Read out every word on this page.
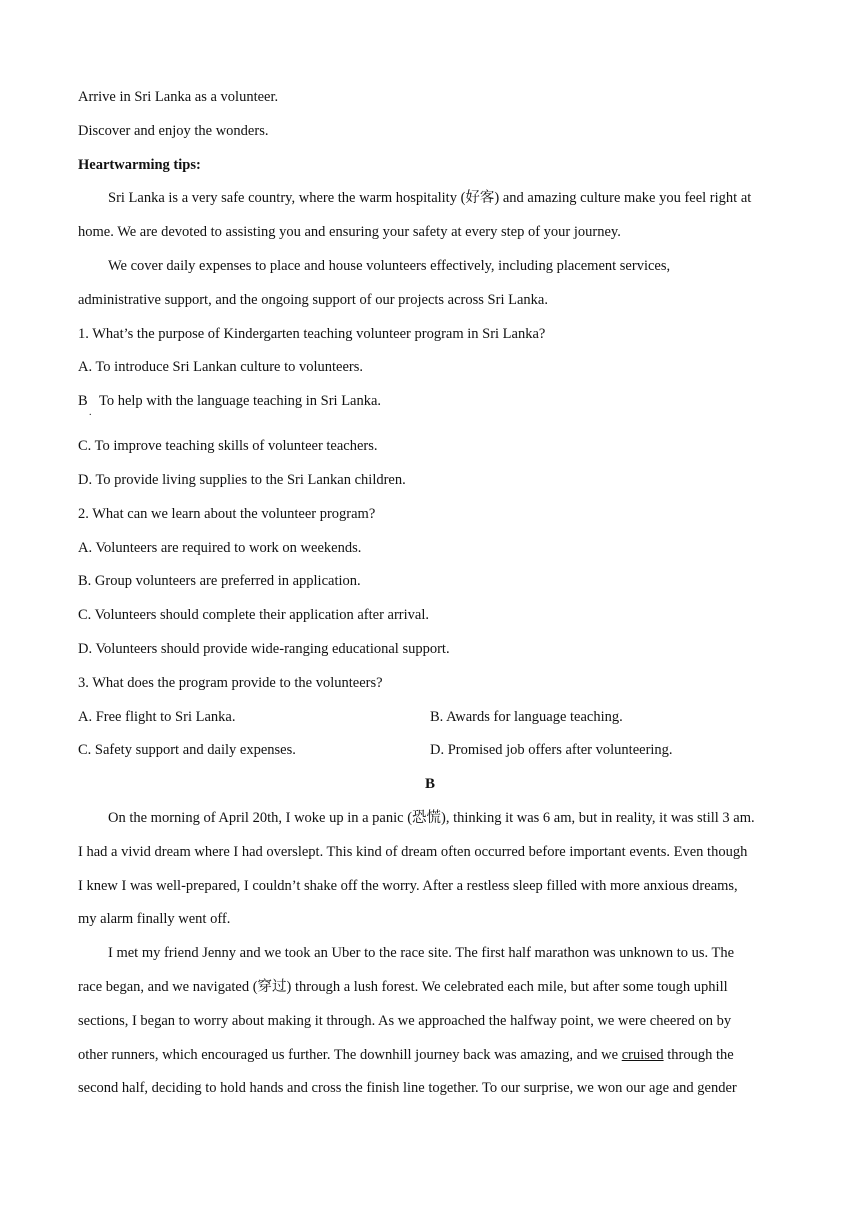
Arrive in Sri Lanka as a volunteer.

Discover and enjoy the wonders.

Heartwarming tips:

Sri Lanka is a very safe country, where the warm hospitality (好客) and amazing culture make you feel right at

home. We are devoted to assisting you and ensuring your safety at every step of your journey.

We cover daily expenses to place and house volunteers effectively, including placement services,

administrative support, and the ongoing support of our projects across Sri Lanka.

1. What’s the purpose of Kindergarten teaching volunteer program in Sri Lanka?

A. To introduce Sri Lankan culture to volunteers.

B To help with the language teaching in Sri Lanka.

.

C. To improve teaching skills of volunteer teachers.

D. To provide living supplies to the Sri Lankan children.

2. What can we learn about the volunteer program?

A. Volunteers are required to work on weekends.

B. Group volunteers are preferred in application.

C. Volunteers should complete their application after arrival.

D. Volunteers should provide wide-ranging educational support.

3. What does the program provide to the volunteers?

A. Free flight to Sri Lanka.	B. Awards for language teaching.

C. Safety support and daily expenses.	D. Promised job offers after volunteering.

B

On the morning of April 20th, I woke up in a panic (恐慌), thinking it was 6 am, but in reality, it was still 3 am.

I had a vivid dream where I had overslept. This kind of dream often occurred before important events. Even though

I knew I was well-prepared, I couldn’t shake off the worry. After a restless sleep filled with more anxious dreams,

my alarm finally went off.

I met my friend Jenny and we took an Uber to the race site. The first half marathon was unknown to us. The

race began, and we navigated (穿过) through a lush forest. We celebrated each mile, but after some tough uphill

sections, I began to worry about making it through. As we approached the halfway point, we were cheered on by

other runners, which encouraged us further. The downhill journey back was amazing, and we cruised through the

second half, deciding to hold hands and cross the finish line together. To our surprise, we won our age and gender
